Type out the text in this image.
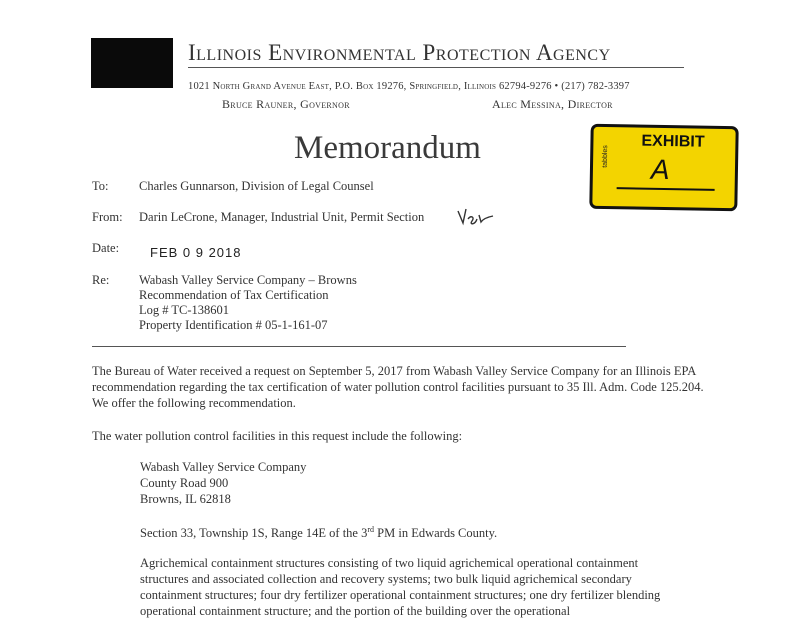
Illinois Environmental Protection Agency
1021 North Grand Avenue East, P.O. Box 19276, Springfield, Illinois 62794-9276 • (217) 782-3397
Bruce Rauner, Governor	Alec Messina, Director
Memorandum	EXHIBIT
tabbles A
To: Charles Gunnarson, Division of Legal Counsel
From: Darin LeCrone, Manager, Industrial Unit, Permit Section
Date: FEB 0 9 2018
Re: Wabash Valley Service Company – Browns
Recommendation of Tax Certification
Log # TC-138601
Property Identification # 05-1-161-07
The Bureau of Water received a request on September 5, 2017 from Wabash Valley Service Company for an Illinois EPA recommendation regarding the tax certification of water pollution control facilities pursuant to 35 Ill. Adm. Code 125.204. We offer the following recommendation.
The water pollution control facilities in this request include the following:
Wabash Valley Service Company
County Road 900
Browns, IL 62818
Section 33, Township 1S, Range 14E of the 3rd PM in Edwards County.
Agrichemical containment structures consisting of two liquid agrichemical operational containment structures and associated collection and recovery systems; two bulk liquid agrichemical secondary containment structures; four dry fertilizer operational containment structures; one dry fertilizer blending operational containment structure; and the portion of the building over the operational
